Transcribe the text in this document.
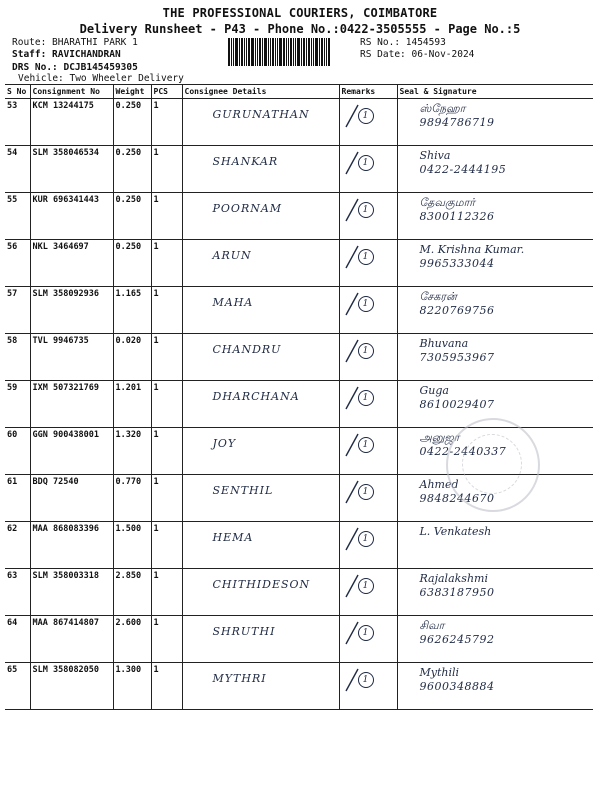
THE PROFESSIONAL COURIERS, COIMBATORE
Delivery Runsheet - P43 - Phone No.:0422-3505555 - Page No.:5
Route: BHARATHI PARK 1
Staff: RAVICHANDRAN
DRS No.: DCJB145459305
Vehicle: Two Wheeler Delivery
RS No.: 1454593
RS Date: 06-Nov-2024
S No	Consignment No	Weight	PCS	Consignee Details	Remarks	Seal & Signature
53	KCM 13244175	0.250	1	GURUNATHAN	1	ஸ்நேஹா
9894786719

54	SLM 358046534	0.250	1	SHANKAR	1	Shiva
0422-2444195

55	KUR 696341443	0.250	1	POORNAM	1	தேவகுமார்
8300112326

56	NKL 3464697	0.250	1	ARUN	1	M. Krishna Kumar.
9965333044

57	SLM 358092936	1.165	1	MAHA	1	சேகரன்
8220769756

58	TVL 9946735	0.020	1	CHANDRU	1	Bhuvana
7305953967

59	IXM 507321769	1.201	1	DHARCHANA	1	Guga
8610029407

60	GGN 900438001	1.320	1	JOY	1	அனுஜா
0422-2440337

61	BDQ 72540	0.770	1	SENTHIL	1	Ahmed
9848244670

62	MAA 868083396	1.500	1	HEMA	1	L. Venkatesh

63	SLM 358003318	2.850	1	CHITHIDESON	1	Rajalakshmi
6383187950

64	MAA 867414807	2.600	1	SHRUTHI	1	சிவா
9626245792

65	SLM 358082050	1.300	1	MYTHRI	1	Mythili
9600348884
